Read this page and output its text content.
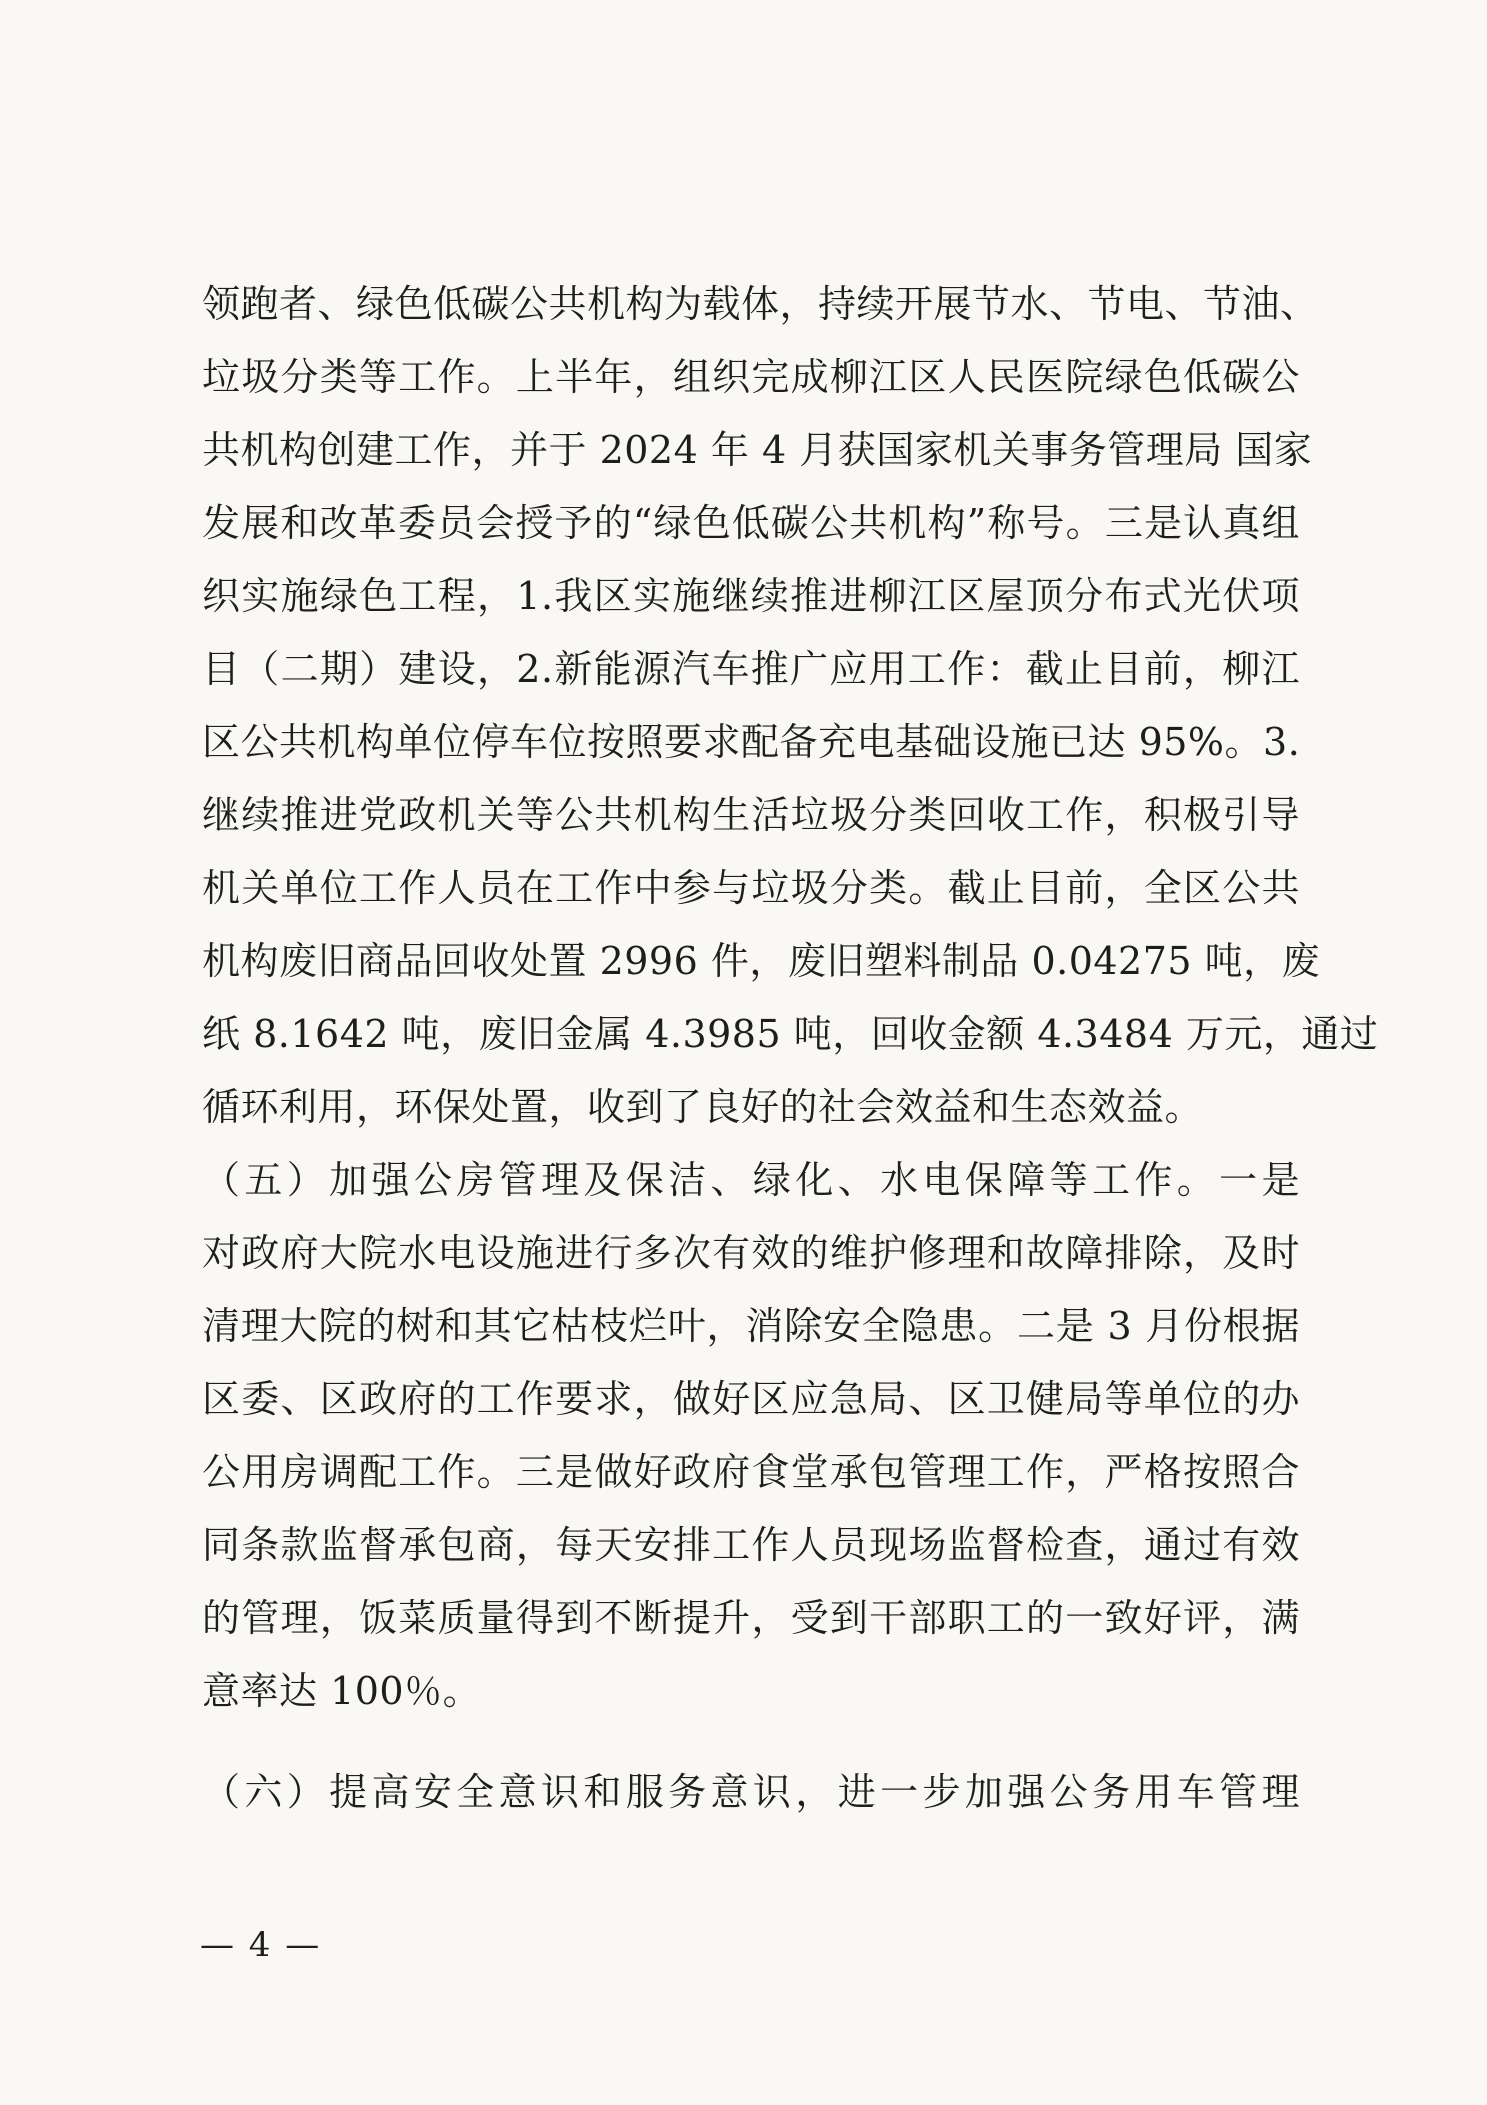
领跑者、绿色低碳公共机构为载体，持续开展节水、节电、节油、
垃圾分类等工作。上半年，组织完成柳江区人民医院绿色低碳公
共机构创建工作，并于 2024 年 4 月获国家机关事务管理局 国家
发展和改革委员会授予的“绿色低碳公共机构”称号。三是认真组
织实施绿色工程，1.我区实施继续推进柳江区屋顶分布式光伏项
目（二期）建设，2.新能源汽车推广应用工作：截止目前，柳江
区公共机构单位停车位按照要求配备充电基础设施已达 95%。3.
继续推进党政机关等公共机构生活垃圾分类回收工作，积极引导
机关单位工作人员在工作中参与垃圾分类。截止目前，全区公共
机构废旧商品回收处置 2996 件，废旧塑料制品 0.04275 吨，废
纸 8.1642 吨，废旧金属 4.3985 吨，回收金额 4.3484 万元，通过
循环利用，环保处置，收到了良好的社会效益和生态效益。
（五）加强公房管理及保洁、绿化、水电保障等工作。一是
对政府大院水电设施进行多次有效的维护修理和故障排除，及时
清理大院的树和其它枯枝烂叶，消除安全隐患。二是 3 月份根据
区委、区政府的工作要求，做好区应急局、区卫健局等单位的办
公用房调配工作。三是做好政府食堂承包管理工作，严格按照合
同条款监督承包商，每天安排工作人员现场监督检查，通过有效
的管理，饭菜质量得到不断提升，受到干部职工的一致好评，满
意率达 100％。
（六）提高安全意识和服务意识，进一步加强公务用车管理
— 4 —
